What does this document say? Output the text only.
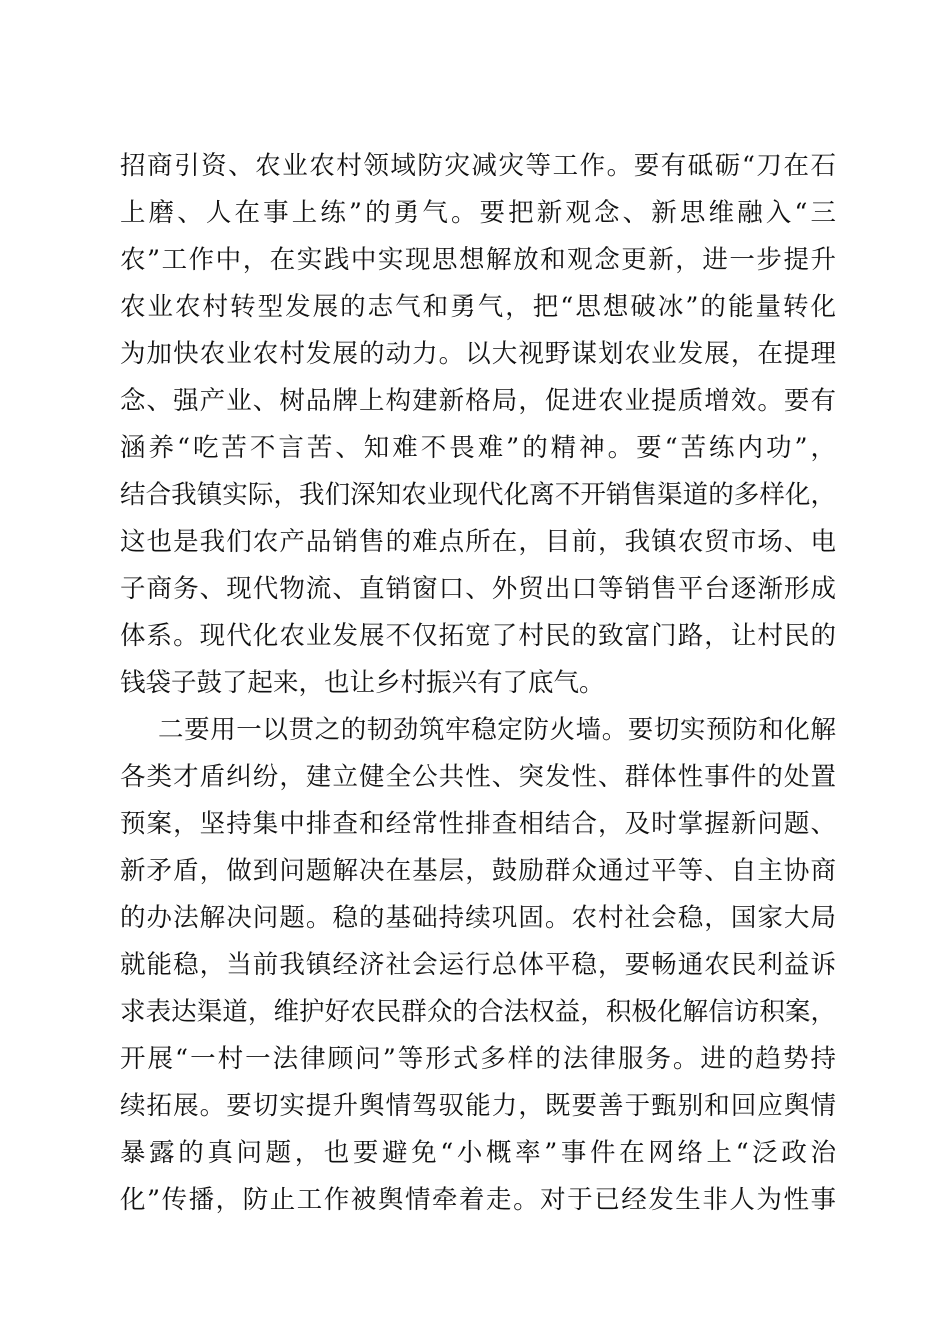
招商引资、农业农村领域防灾减灾等工作。要有砥砺“刀在石
上磨、人在事上练”的勇气。要把新观念、新思维融入“三
农”工作中，在实践中实现思想解放和观念更新，进一步提升
农业农村转型发展的志气和勇气，把“思想破冰”的能量转化
为加快农业农村发展的动力。以大视野谋划农业发展，在提理
念、强产业、树品牌上构建新格局，促进农业提质增效。要有
涵养“吃苦不言苦、知难不畏难”的精神。要“苦练内功”，
结合我镇实际，我们深知农业现代化离不开销售渠道的多样化，
这也是我们农产品销售的难点所在，目前，我镇农贸市场、电
子商务、现代物流、直销窗口、外贸出口等销售平台逐渐形成
体系。现代化农业发展不仅拓宽了村民的致富门路，让村民的
钱袋子鼓了起来，也让乡村振兴有了底气。
二要用一以贯之的韧劲筑牢稳定防火墙。要切实预防和化解
各类才盾纠纷，建立健全公共性、突发性、群体性事件的处置
预案，坚持集中排查和经常性排查相结合，及时掌握新问题、
新矛盾，做到问题解决在基层，鼓励群众通过平等、自主协商
的办法解决问题。稳的基础持续巩固。农村社会稳，国家大局
就能稳，当前我镇经济社会运行总体平稳，要畅通农民利益诉
求表达渠道，维护好农民群众的合法权益，积极化解信访积案，
开展“一村一法律顾问”等形式多样的法律服务。进的趋势持
续拓展。要切实提升舆情驾驭能力，既要善于甄别和回应舆情
暴露的真问题，也要避免“小概率”事件在网络上“泛政治
化”传播，防止工作被舆情牵着走。对于已经发生非人为性事
